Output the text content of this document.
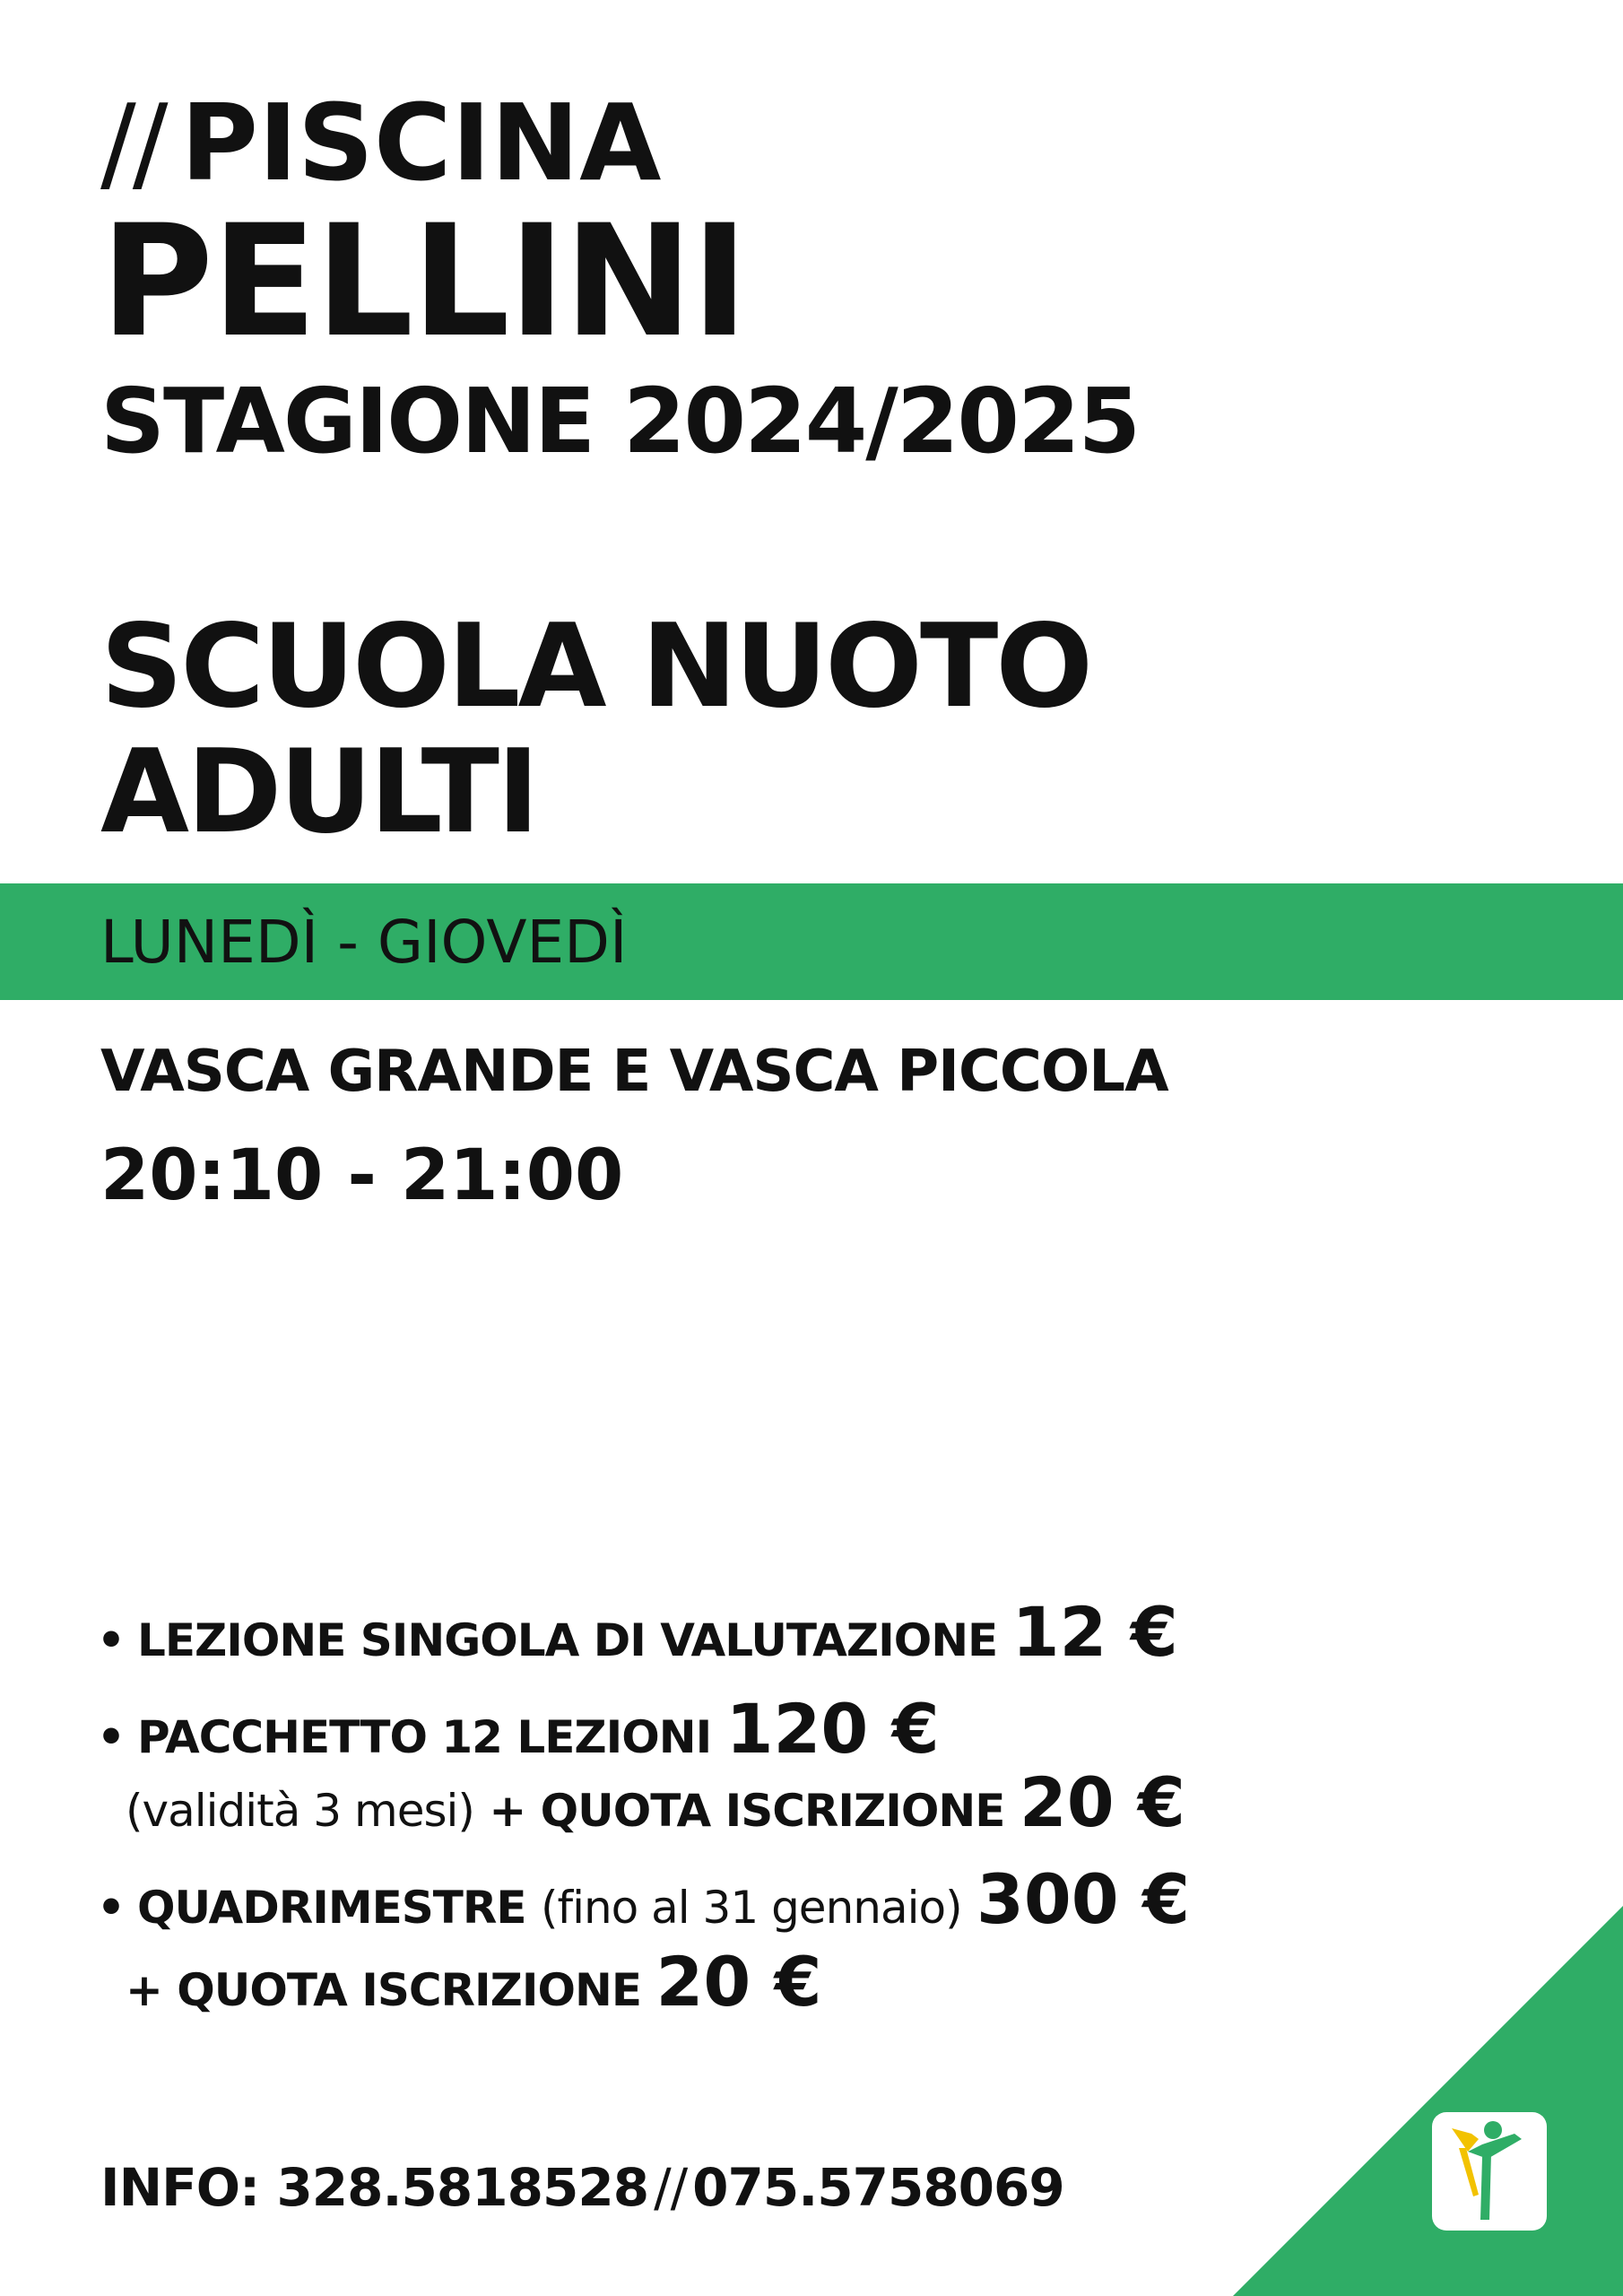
// PISCINA
PELLINI
STAGIONE 2024/2025
SCUOLA NUOTO
ADULTI
LUNEDÌ - GIOVEDÌ
VASCA GRANDE E VASCA PICCOLA
20:10 - 21:00
• LEZIONE SINGOLA DI VALUTAZIONE 12 €
• PACCHETTO 12 LEZIONI 120 €
(validità 3 mesi) + QUOTA ISCRIZIONE 20 €
• QUADRIMESTRE (fino al 31 gennaio) 300 €
+ QUOTA ISCRIZIONE 20 €
INFO: 328.5818528 // 075.5758069
